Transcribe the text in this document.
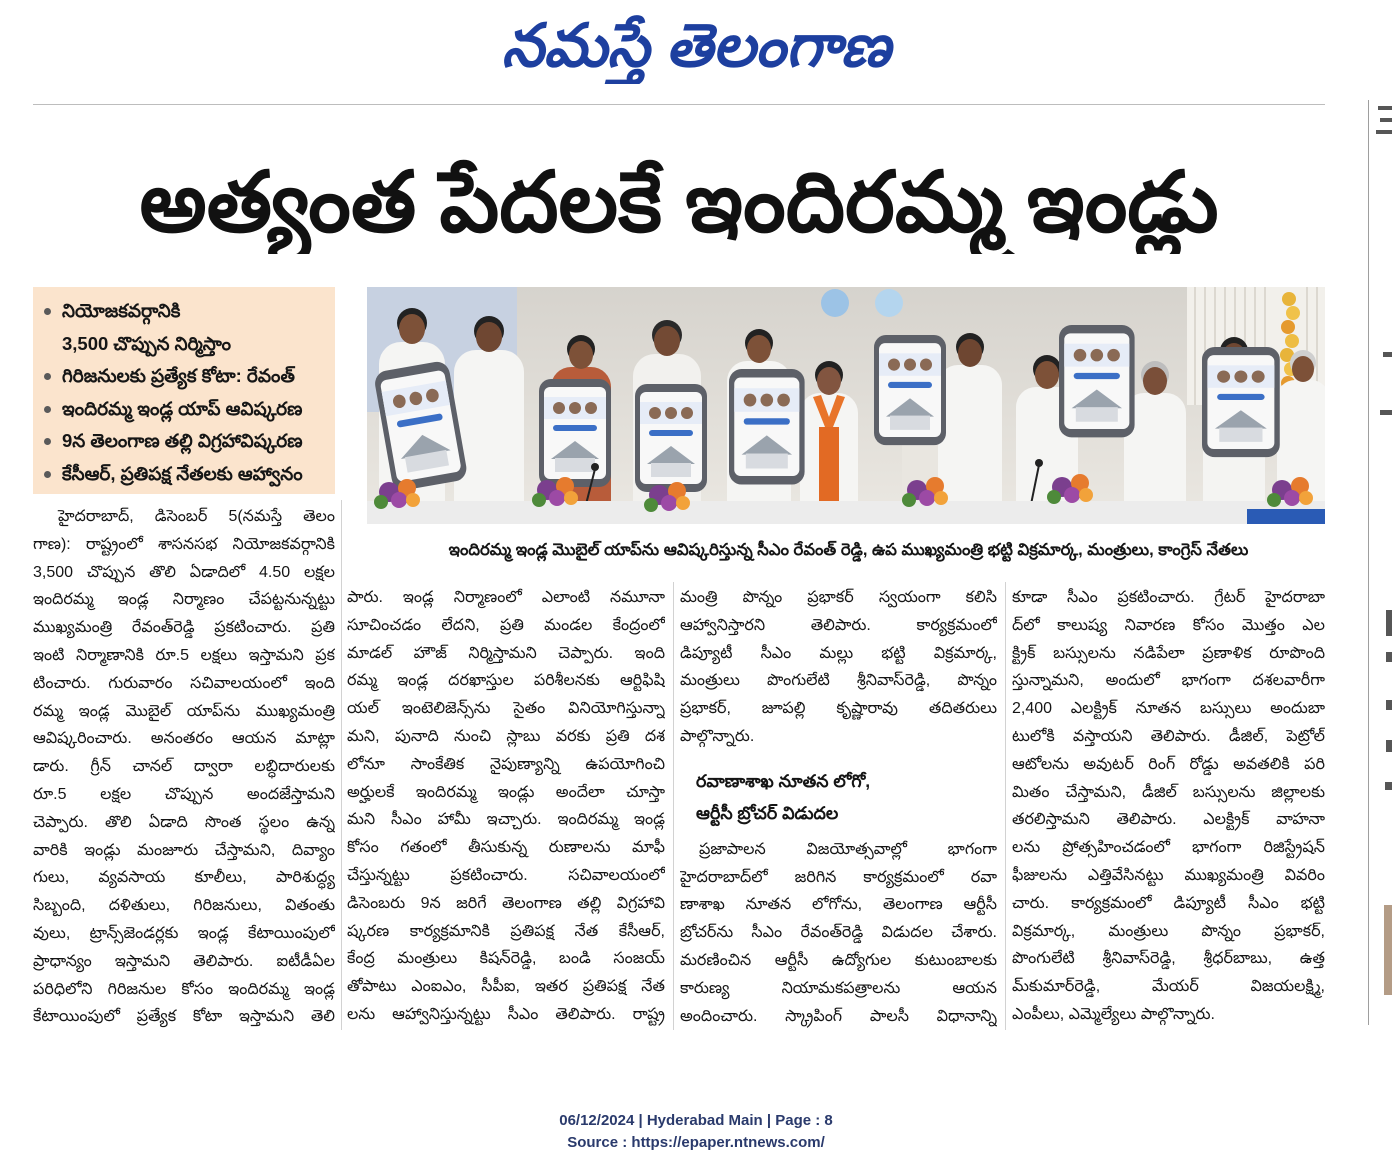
నమస్తే తెలంగాణ
అత్యంత పేదలకే ఇందిరమ్మ ఇండ్లు
నియోజకవర్గానికి
3,500 చొప్పున నిర్మిస్తాం
గిరిజనులకు ప్రత్యేక కోటా: రేవంత్
ఇందిరమ్మ ఇండ్ల యాప్ ఆవిష్కరణ
9న తెలంగాణ తల్లి విగ్రహావిష్కరణ
కేసీఆర్, ప్రతిపక్ష నేతలకు ఆహ్వానం
ఇందిరమ్మ ఇండ్ల మొబైల్ యాప్‌ను ఆవిష్కరిస్తున్న సీఎం రేవంత్ రెడ్డి, ఉప ముఖ్యమంత్రి భట్టి విక్రమార్క, మంత్రులు, కాంగ్రెస్ నేతలు
హైదరాబాద్, డిసెంబర్ 5(నమస్తే తెలం
గాణ): రాష్ట్రంలో శాసనసభ నియోజకవర్గానికి
3,500 చొప్పున తొలి ఏడాదిలో 4.50 లక్షల
ఇందిరమ్మ ఇండ్ల నిర్మాణం చేపట్టనున్నట్టు
ముఖ్యమంత్రి రేవంత్‌రెడ్డి ప్రకటించారు. ప్రతి
ఇంటి నిర్మాణానికి రూ.5 లక్షలు ఇస్తామని ప్రక
టించారు. గురువారం సచివాలయంలో ఇంది
రమ్మ ఇండ్ల మొబైల్ యాప్‌ను ముఖ్యమంత్రి
ఆవిష్కరించారు. అనంతరం ఆయన మాట్లా
డారు. గ్రీన్ చానల్ ద్వారా లబ్ధిదారులకు
రూ.5 లక్షల చొప్పున అందజేస్తామని
చెప్పారు. తొలి ఏడాది సొంత స్థలం ఉన్న
వారికి ఇండ్లు మంజూరు చేస్తామని, దివ్యాం
గులు, వ్యవసాయ కూలీలు, పారిశుద్ధ్య
సిబ్బంది, దళితులు, గిరిజనులు, వితంతు
వులు, ట్రాన్స్‌జెండర్లకు ఇండ్ల కేటాయింపులో
ప్రాధాన్యం ఇస్తామని తెలిపారు. ఐటీడీఏల
పరిధిలోని గిరిజనుల కోసం ఇందిరమ్మ ఇండ్ల
కేటాయింపులో ప్రత్యేక కోటా ఇస్తామని తెలి
పారు. ఇండ్ల నిర్మాణంలో ఎలాంటి నమూనా
సూచించడం లేదని, ప్రతి మండల కేంద్రంలో
మాడల్ హౌజ్ నిర్మిస్తామని చెప్పారు. ఇంది
రమ్మ ఇండ్ల దరఖాస్తుల పరిశీలనకు ఆర్టిఫిషి
యల్ ఇంటెలిజెన్స్‌ను సైతం వినియోగిస్తున్నా
మని, పునాది నుంచి స్లాబు వరకు ప్రతి దశ
లోనూ సాంకేతిక నైపుణ్యాన్ని ఉపయోగించి
అర్హులకే ఇందిరమ్మ ఇండ్లు అందేలా చూస్తా
మని సీఎం హామీ ఇచ్చారు. ఇందిరమ్మ ఇండ్ల
కోసం గతంలో తీసుకున్న రుణాలను మాఫీ
చేస్తున్నట్టు ప్రకటించారు. సచివాలయంలో
డిసెంబరు 9న జరిగే తెలంగాణ తల్లి విగ్రహావి
ష్కరణ కార్యక్రమానికి ప్రతిపక్ష నేత కేసీఆర్,
కేంద్ర మంత్రులు కిషన్‌రెడ్డి, బండి సంజయ్
తోపాటు ఎంఐఎం, సీపీఐ, ఇతర ప్రతిపక్ష నేత
లను ఆహ్వానిస్తున్నట్టు సీఎం తెలిపారు. రాష్ట్ర
మంత్రి పొన్నం ప్రభాకర్ స్వయంగా కలిసి
ఆహ్వానిస్తారని తెలిపారు. కార్యక్రమంలో
డిప్యూటీ సీఎం మల్లు భట్టి విక్రమార్క,
మంత్రులు పొంగులేటి శ్రీనివాస్‌రెడ్డి, పొన్నం
ప్రభాకర్, జూపల్లి కృష్ణారావు తదితరులు
పాల్గొన్నారు.
రవాణాశాఖ నూతన లోగో,
ఆర్టీసీ బ్రోచర్ విడుదల
ప్రజాపాలన విజయోత్సవాల్లో భాగంగా
హైదరాబాద్‌లో జరిగిన కార్యక్రమంలో రవా
ణాశాఖ నూతన లోగోను, తెలంగాణ ఆర్టీసీ
బ్రోచర్‌ను సీఎం రేవంత్‌రెడ్డి విడుదల చేశారు.
మరణించిన ఆర్టీసీ ఉద్యోగుల కుటుంబాలకు
కారుణ్య నియామకపత్రాలను ఆయన
అందించారు. స్క్రాపింగ్ పాలసీ విధానాన్ని
కూడా సీఎం ప్రకటించారు. గ్రేటర్ హైదరాబా
ద్‌లో కాలుష్య నివారణ కోసం మొత్తం ఎల
క్ట్రిక్ బస్సులను నడిపేలా ప్రణాళిక రూపొంది
స్తున్నామని, అందులో భాగంగా దశలవారీగా
2,400 ఎలక్ట్రిక్ నూతన బస్సులు అందుబా
టులోకి వస్తాయని తెలిపారు. డీజిల్, పెట్రోల్
ఆటోలను అవుటర్ రింగ్ రోడ్డు అవతలికి పరి
మితం చేస్తామని, డీజిల్ బస్సులను జిల్లాలకు
తరలిస్తామని తెలిపారు. ఎలక్ట్రిక్ వాహనా
లను ప్రోత్సహించడంలో భాగంగా రిజిస్ట్రేషన్
ఫీజులను ఎత్తివేసినట్టు ముఖ్యమంత్రి వివరిం
చారు. కార్యక్రమంలో డిప్యూటీ సీఎం భట్టి
విక్రమార్క, మంత్రులు పొన్నం ప్రభాకర్,
పొంగులేటి శ్రీనివాస్‌రెడ్డి, శ్రీధర్‌బాబు, ఉత్త
మ్‌కుమార్‌రెడ్డి, మేయర్ విజయలక్ష్మి,
ఎంపీలు, ఎమ్మెల్యేలు పాల్గొన్నారు.
06/12/2024 | Hyderabad Main | Page : 8
Source : https://epaper.ntnews.com/
